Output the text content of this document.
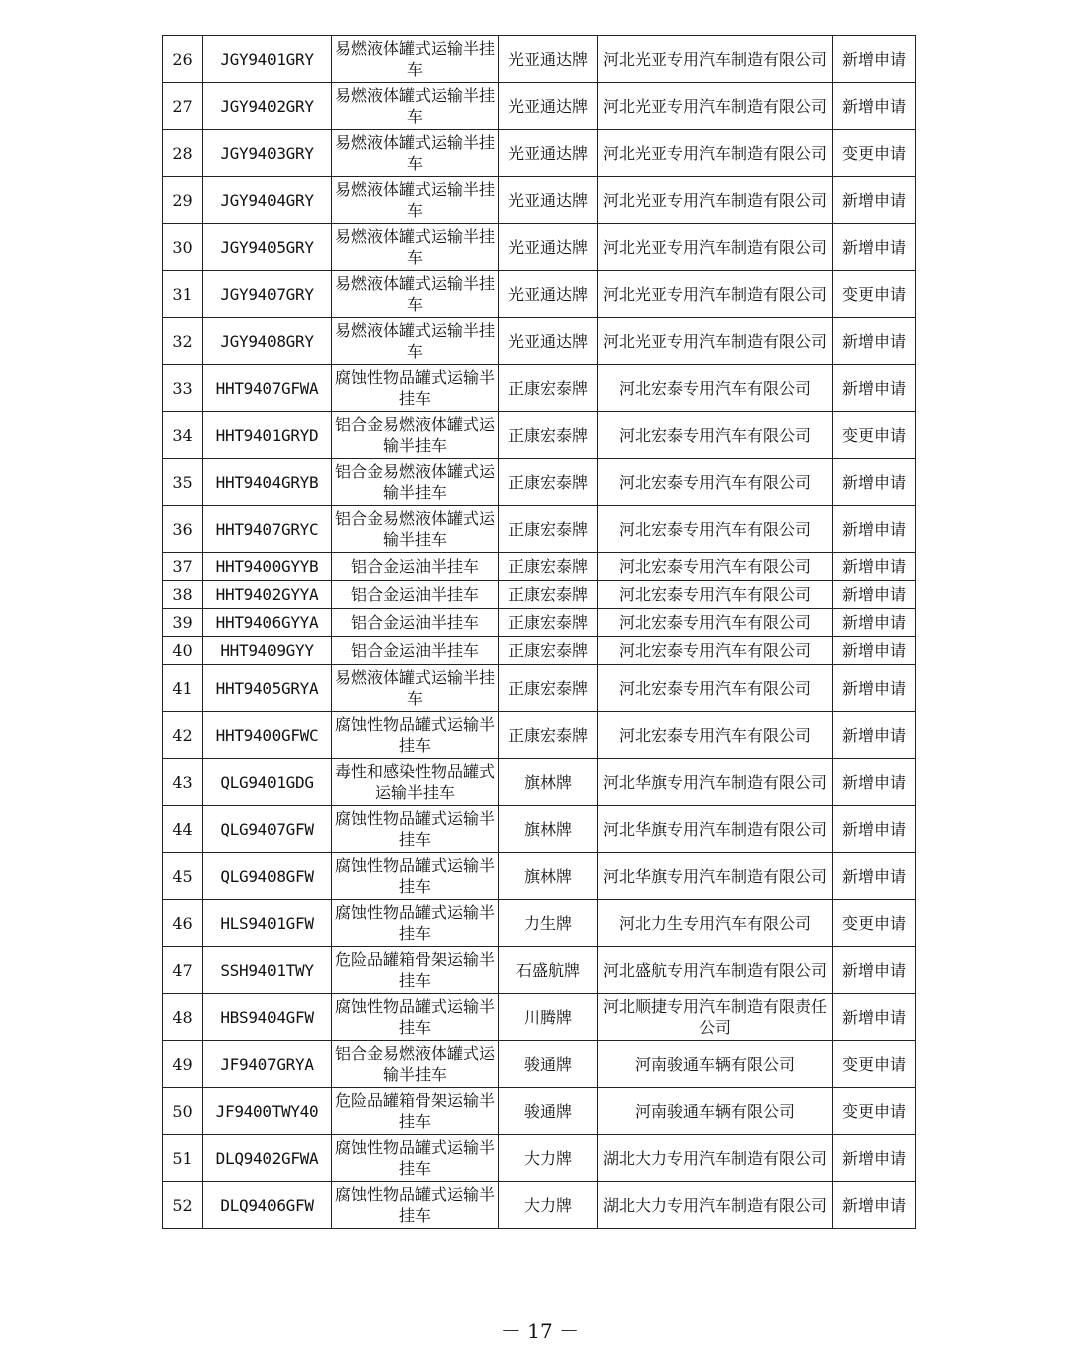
26	JGY9401GRY	易燃液体罐式运输半挂车	光亚通达牌	河北光亚专用汽车制造有限公司	新增申请
27	JGY9402GRY	易燃液体罐式运输半挂车	光亚通达牌	河北光亚专用汽车制造有限公司	新增申请
28	JGY9403GRY	易燃液体罐式运输半挂车	光亚通达牌	河北光亚专用汽车制造有限公司	变更申请
29	JGY9404GRY	易燃液体罐式运输半挂车	光亚通达牌	河北光亚专用汽车制造有限公司	新增申请
30	JGY9405GRY	易燃液体罐式运输半挂车	光亚通达牌	河北光亚专用汽车制造有限公司	新增申请
31	JGY9407GRY	易燃液体罐式运输半挂车	光亚通达牌	河北光亚专用汽车制造有限公司	变更申请
32	JGY9408GRY	易燃液体罐式运输半挂车	光亚通达牌	河北光亚专用汽车制造有限公司	新增申请
33	HHT9407GFWA	腐蚀性物品罐式运输半挂车	正康宏泰牌	河北宏泰专用汽车有限公司	新增申请
34	HHT9401GRYD	铝合金易燃液体罐式运输半挂车	正康宏泰牌	河北宏泰专用汽车有限公司	变更申请
35	HHT9404GRYB	铝合金易燃液体罐式运输半挂车	正康宏泰牌	河北宏泰专用汽车有限公司	新增申请
36	HHT9407GRYC	铝合金易燃液体罐式运输半挂车	正康宏泰牌	河北宏泰专用汽车有限公司	新增申请
37	HHT9400GYYB	铝合金运油半挂车	正康宏泰牌	河北宏泰专用汽车有限公司	新增申请
38	HHT9402GYYA	铝合金运油半挂车	正康宏泰牌	河北宏泰专用汽车有限公司	新增申请
39	HHT9406GYYA	铝合金运油半挂车	正康宏泰牌	河北宏泰专用汽车有限公司	新增申请
40	HHT9409GYY	铝合金运油半挂车	正康宏泰牌	河北宏泰专用汽车有限公司	新增申请
41	HHT9405GRYA	易燃液体罐式运输半挂车	正康宏泰牌	河北宏泰专用汽车有限公司	新增申请
42	HHT9400GFWC	腐蚀性物品罐式运输半挂车	正康宏泰牌	河北宏泰专用汽车有限公司	新增申请
43	QLG9401GDG	毒性和感染性物品罐式运输半挂车	旗林牌	河北华旗专用汽车制造有限公司	新增申请
44	QLG9407GFW	腐蚀性物品罐式运输半挂车	旗林牌	河北华旗专用汽车制造有限公司	新增申请
45	QLG9408GFW	腐蚀性物品罐式运输半挂车	旗林牌	河北华旗专用汽车制造有限公司	新增申请
46	HLS9401GFW	腐蚀性物品罐式运输半挂车	力生牌	河北力生专用汽车有限公司	变更申请
47	SSH9401TWY	危险品罐箱骨架运输半挂车	石盛航牌	河北盛航专用汽车制造有限公司	新增申请
48	HBS9404GFW	腐蚀性物品罐式运输半挂车	川腾牌	河北顺捷专用汽车制造有限责任公司	新增申请
49	JF9407GRYA	铝合金易燃液体罐式运输半挂车	骏通牌	河南骏通车辆有限公司	变更申请
50	JF9400TWY40	危险品罐箱骨架运输半挂车	骏通牌	河南骏通车辆有限公司	变更申请
51	DLQ9402GFWA	腐蚀性物品罐式运输半挂车	大力牌	湖北大力专用汽车制造有限公司	新增申请
52	DLQ9406GFW	腐蚀性物品罐式运输半挂车	大力牌	湖北大力专用汽车制造有限公司	新增申请
－ 17 －
